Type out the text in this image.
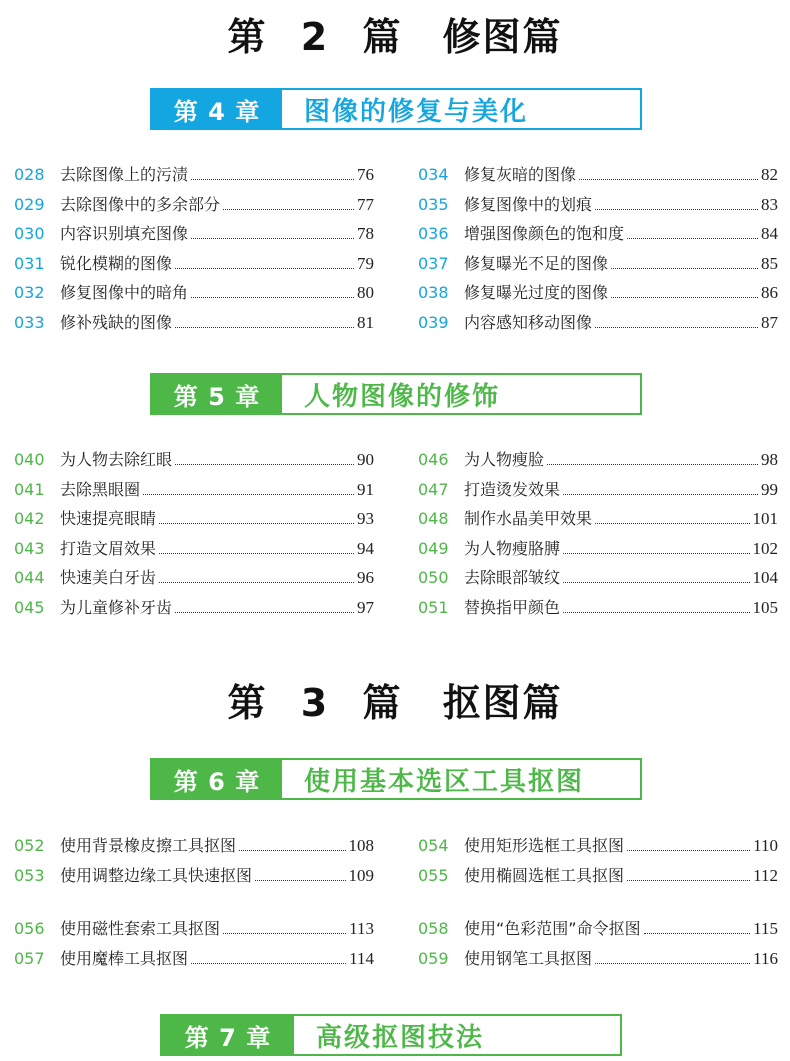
第 2 篇　修图篇
第 4 章	图像的修复与美化
第 5 章	人物图像的修饰
第 3 篇　抠图篇
第 6 章	使用基本选区工具抠图
第 7 章	高级抠图技法
028 去除图像上的污渍	76
029 去除图像中的多余部分	77
030 内容识别填充图像	78
031 锐化模糊的图像	79
032 修复图像中的暗角	80
033 修补残缺的图像	81
034 修复灰暗的图像	82
035 修复图像中的划痕	83
036 增强图像颜色的饱和度	84
037 修复曝光不足的图像	85
038 修复曝光过度的图像	86
039 内容感知移动图像	87
040 为人物去除红眼	90
041 去除黑眼圈	91
042 快速提亮眼睛	93
043 打造文眉效果	94
044 快速美白牙齿	96
045 为儿童修补牙齿	97
046 为人物瘦脸	98
047 打造烫发效果	99
048 制作水晶美甲效果	101
049 为人物瘦胳膊	102
050 去除眼部皱纹	104
051 替换指甲颜色	105
052 使用背景橡皮擦工具抠图	108
053 使用调整边缘工具快速抠图	109
054 使用矩形选框工具抠图	110
055 使用椭圆选框工具抠图	112
056 使用磁性套索工具抠图	113
057 使用魔棒工具抠图	114
058 使用“色彩范围”命令抠图	115
059 使用钢笔工具抠图	116
